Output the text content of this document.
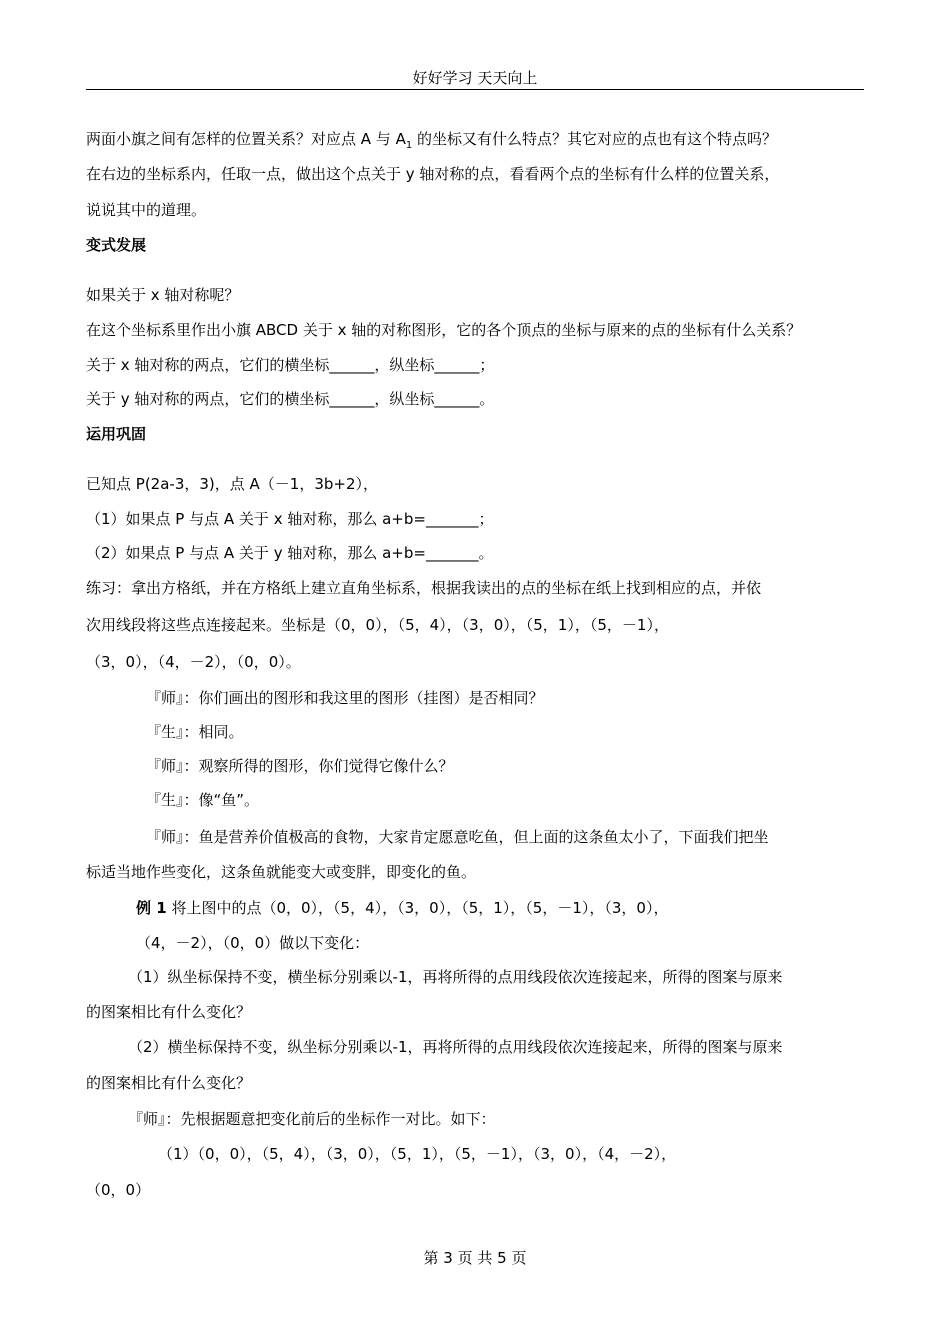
好好学习 天天向上
两面小旗之间有怎样的位置关系？对应点 A 与 $A_1$ 的坐标又有什么特点？其它对应的点也有这个特点吗？
在右边的坐标系内，任取一点，做出这个点关于 y 轴对称的点，看看两个点的坐标有什么样的位置关系，
说说其中的道理。
变式发展
如果关于 x 轴对称呢？
在这个坐标系里作出小旗 ABCD 关于 x 轴的对称图形，它的各个顶点的坐标与原来的点的坐标有什么关系？
关于 x 轴对称的两点，它们的横坐标______，纵坐标______；
关于 y 轴对称的两点，它们的横坐标______，纵坐标______。
运用巩固
已知点 P(2a-3，3)，点 A（－1，3b+2），
（1）如果点 P 与点 A 关于 x 轴对称，那么 a+b=_______；
（2）如果点 P 与点 A 关于 y 轴对称，那么 a+b=_______。
练习：拿出方格纸，并在方格纸上建立直角坐标系，根据我读出的点的坐标在纸上找到相应的点，并依
次用线段将这些点连接起来。坐标是（0，0），（5，4），（3，0），（5，1），（5，－1），
（3，0），（4，－2），（0，0）。
『师』：你们画出的图形和我这里的图形（挂图）是否相同？
『生』：相同。
『师』：观察所得的图形，你们觉得它像什么？
『生』：像“鱼”。
『师』：鱼是营养价值极高的食物，大家肯定愿意吃鱼，但上面的这条鱼太小了，下面我们把坐
标适当地作些变化，这条鱼就能变大或变胖，即变化的鱼。
例 1 将上图中的点（0，0），（5，4），（3，0），（5，1），（5，－1），（3，0），
（4，－2），（0，0）做以下变化：
（1）纵坐标保持不变，横坐标分别乘以-1，再将所得的点用线段依次连接起来，所得的图案与原来
的图案相比有什么变化？
（2）横坐标保持不变，纵坐标分别乘以-1，再将所得的点用线段依次连接起来，所得的图案与原来
的图案相比有什么变化？
『师』：先根据题意把变化前后的坐标作一对比。如下：
（1）（0，0），（5，4），（3，0），（5，1），（5，－1），（3，0），（4，－2），
（0，0）
第 3 页 共 5 页
